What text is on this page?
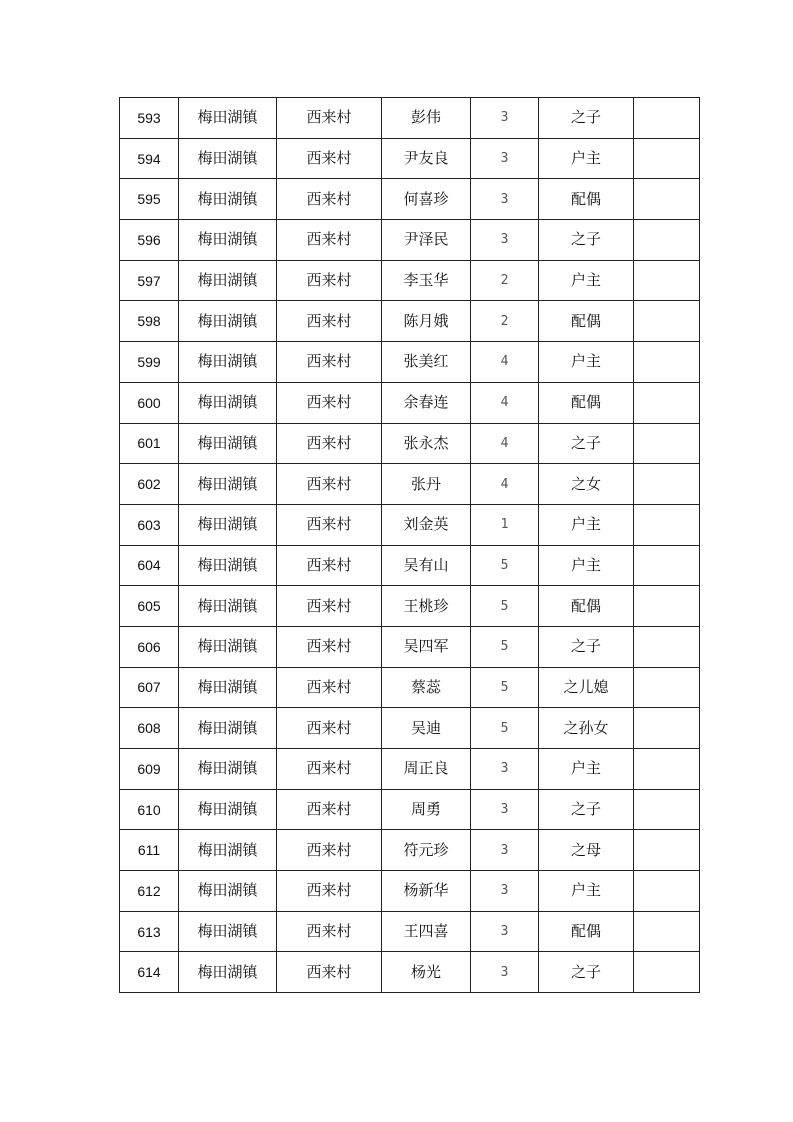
593	梅田湖镇	西来村	彭伟	3	之子	
594	梅田湖镇	西来村	尹友良	3	户主	
595	梅田湖镇	西来村	何喜珍	3	配偶	
596	梅田湖镇	西来村	尹泽民	3	之子	
597	梅田湖镇	西来村	李玉华	2	户主	
598	梅田湖镇	西来村	陈月娥	2	配偶	
599	梅田湖镇	西来村	张美红	4	户主	
600	梅田湖镇	西来村	余春连	4	配偶	
601	梅田湖镇	西来村	张永杰	4	之子	
602	梅田湖镇	西来村	张丹	4	之女	
603	梅田湖镇	西来村	刘金英	1	户主	
604	梅田湖镇	西来村	吴有山	5	户主	
605	梅田湖镇	西来村	王桃珍	5	配偶	
606	梅田湖镇	西来村	吴四军	5	之子	
607	梅田湖镇	西来村	蔡蕊	5	之儿媳	
608	梅田湖镇	西来村	吴迪	5	之孙女	
609	梅田湖镇	西来村	周正良	3	户主	
610	梅田湖镇	西来村	周勇	3	之子	
611	梅田湖镇	西来村	符元珍	3	之母	
612	梅田湖镇	西来村	杨新华	3	户主	
613	梅田湖镇	西来村	王四喜	3	配偶	
614	梅田湖镇	西来村	杨光	3	之子	
